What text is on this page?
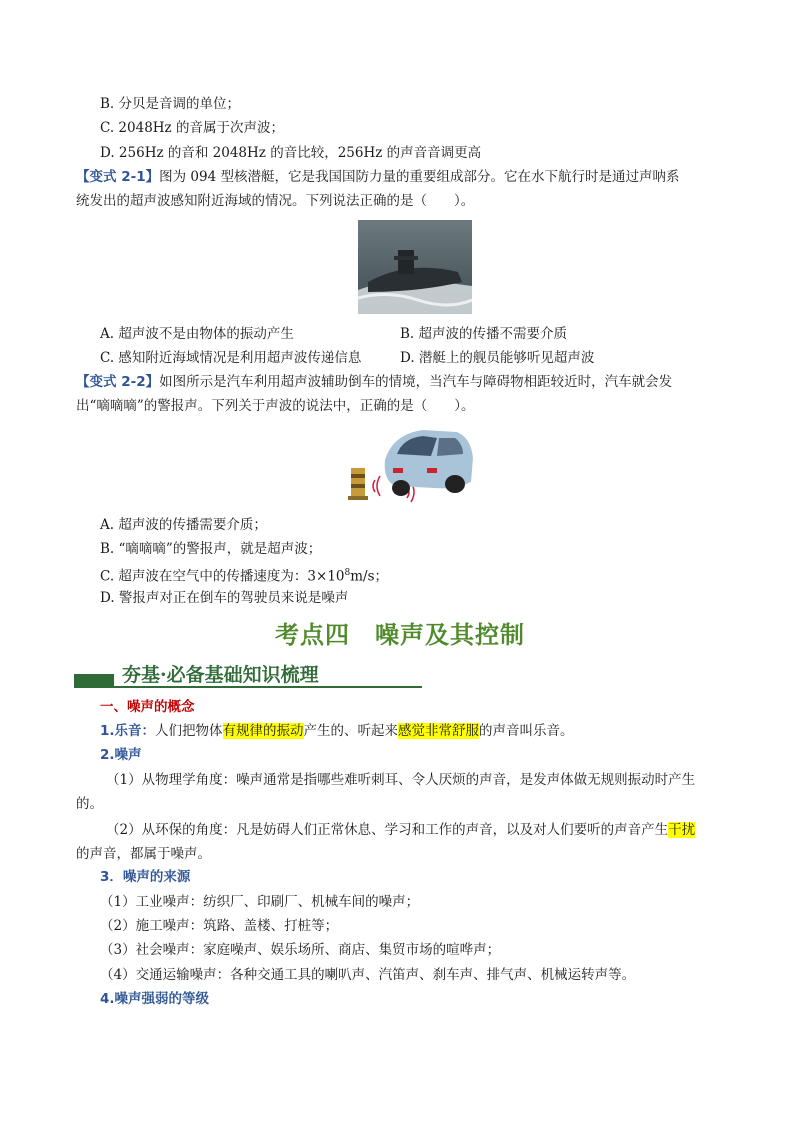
B. 分贝是音调的单位；
C. 2048Hz 的音属于次声波；
D. 256Hz 的音和 2048Hz 的音比较，256Hz 的声音音调更高
【变式 2-1】图为 094 型核潜艇，它是我国国防力量的重要组成部分。它在水下航行时是通过声呐系
统发出的超声波感知附近海域的情况。下列说法正确的是（　　）。
A. 超声波不是由物体的振动产生	B. 超声波的传播不需要介质
C. 感知附近海域情况是利用超声波传递信息	D. 潜艇上的舰员能够听见超声波
【变式 2-2】如图所示是汽车利用超声波辅助倒车的情境，当汽车与障碍物相距较近时，汽车就会发
出“嘀嘀嘀”的警报声。下列关于声波的说法中，正确的是（　　）。
A. 超声波的传播需要介质；
B. “嘀嘀嘀”的警报声，就是超声波；
C. 超声波在空气中的传播速度为：$3\times 10^8m/s$；
D. 警报声对正在倒车的驾驶员来说是噪声
考点四　噪声及其控制
夯基·必备基础知识梳理
一、噪声的概念
1.乐音：人们把物体有规律的振动产生的、听起来感觉非常舒服的声音叫乐音。
2.噪声
（1）从物理学角度：噪声通常是指哪些难听刺耳、令人厌烦的声音，是发声体做无规则振动时产生
的。
（2）从环保的角度：凡是妨碍人们正常休息、学习和工作的声音，以及对人们要听的声音产生干扰
的声音，都属于噪声。
3．噪声的来源
（1）工业噪声：纺织厂、印刷厂、机械车间的噪声；
（2）施工噪声：筑路、盖楼、打桩等；
（3）社会噪声：家庭噪声、娱乐场所、商店、集贸市场的喧哗声；
（4）交通运输噪声：各种交通工具的喇叭声、汽笛声、刹车声、排气声、机械运转声等。
4.噪声强弱的等级
